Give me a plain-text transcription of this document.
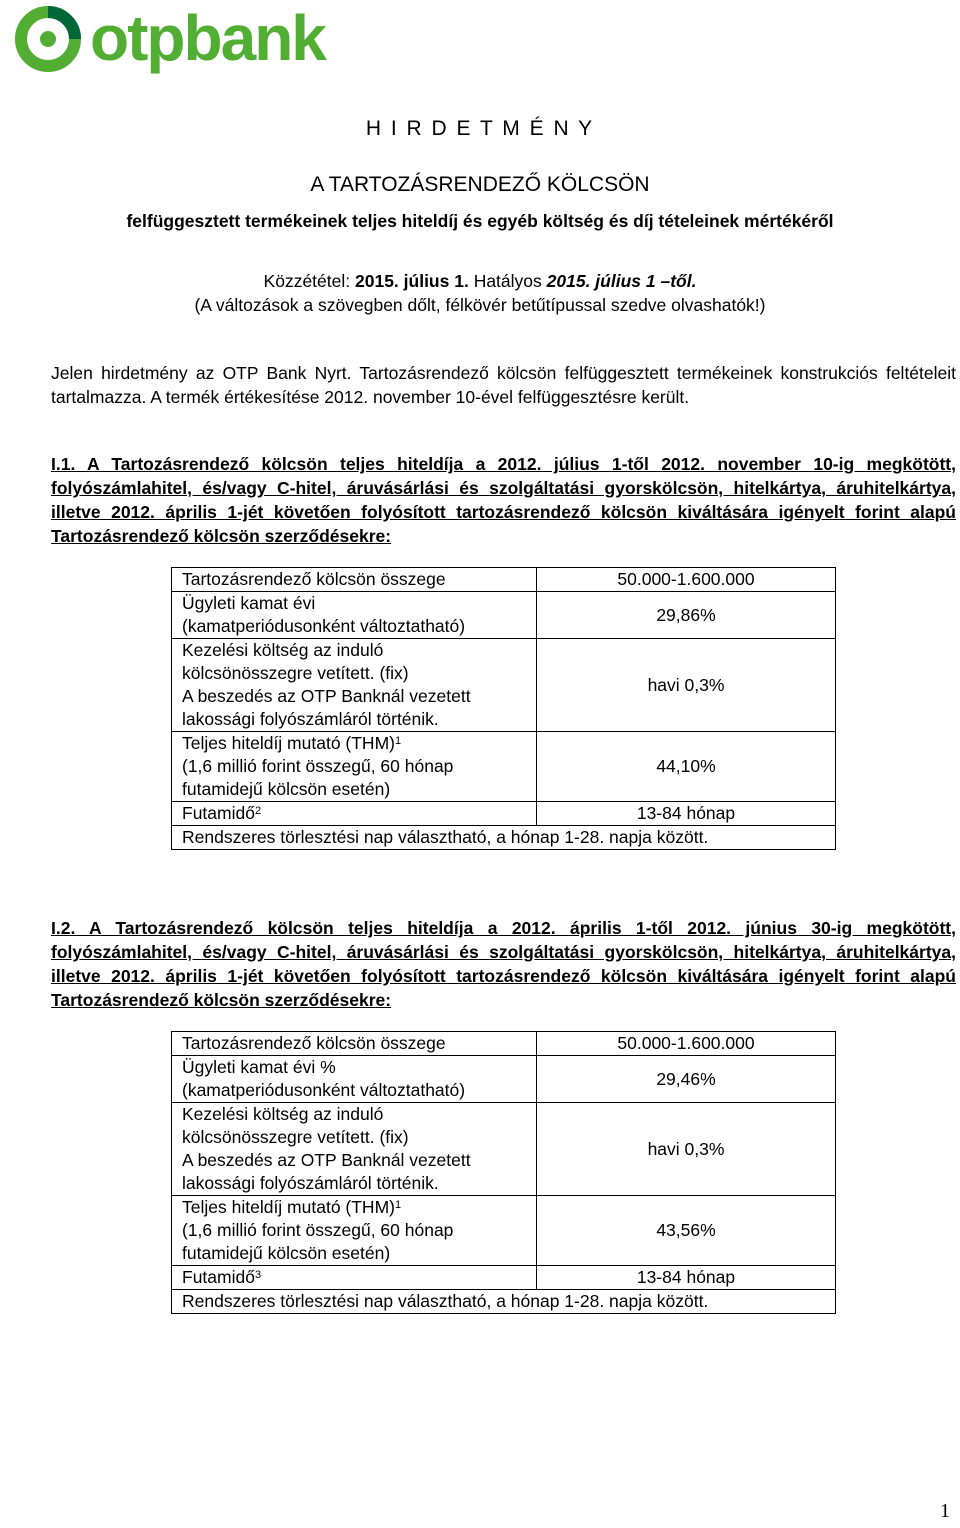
otpbank
H I R D E T M É N Y
A TARTOZÁSRENDEZŐ KÖLCSÖN
felfüggesztett termékeinek teljes hiteldíj és egyéb költség és díj tételeinek mértékéről
Közzététel: 2015. július 1. Hatályos 2015. július 1 –től.
(A változások a szövegben dőlt, félkövér betűtípussal szedve olvashatók!)
Jelen hirdetmény az OTP Bank Nyrt. Tartozásrendező kölcsön felfüggesztett termékeinek konstrukciós feltételeit tartalmazza. A termék értékesítése 2012. november 10-ével felfüggesztésre került.
I.1. A Tartozásrendező kölcsön teljes hiteldíja a 2012. július 1-től 2012. november 10-ig megkötött, folyószámlahitel, és/vagy C-hitel, áruvásárlási és szolgáltatási gyorskölcsön, hitelkártya, áruhitelkártya, illetve 2012. április 1-jét követően folyósított tartozásrendező kölcsön kiváltására igényelt forint alapú Tartozásrendező kölcsön szerződésekre:
Tartozásrendező kölcsön összege	50.000-1.600.000

Ügyleti kamat évi
(kamatperiódusonként változtatható)	29,86%

Kezelési költség az induló
kölcsönösszegre vetített. (fix)
A beszedés az OTP Banknál vezetett
lakossági folyószámláról történik.	havi 0,3%

Teljes hiteldíj mutató (THM)$^1$
(1,6 millió forint összegű, 60 hónap
futamidejű kölcsön esetén)	44,10%
Futamidő$^2$	13-84 hónap
Rendszeres törlesztési nap választható, a hónap 1-28. napja között.	
I.2. A Tartozásrendező kölcsön teljes hiteldíja a 2012. április 1-től 2012. június 30-ig megkötött, folyószámlahitel, és/vagy C-hitel, áruvásárlási és szolgáltatási gyorskölcsön, hitelkártya, áruhitelkártya, illetve 2012. április 1-jét követően folyósított tartozásrendező kölcsön kiváltására igényelt forint alapú Tartozásrendező kölcsön szerződésekre:
Tartozásrendező kölcsön összege	50.000-1.600.000

Ügyleti kamat évi %
(kamatperiódusonként változtatható)	29,46%

Kezelési költség az induló
kölcsönösszegre vetített. (fix)
A beszedés az OTP Banknál vezetett
lakossági folyószámláról történik.	havi 0,3%

Teljes hiteldíj mutató (THM)$^1$
(1,6 millió forint összegű, 60 hónap
futamidejű kölcsön esetén)	43,56%
Futamidő$^3$	13-84 hónap
Rendszeres törlesztési nap választható, a hónap 1-28. napja között.	
1
